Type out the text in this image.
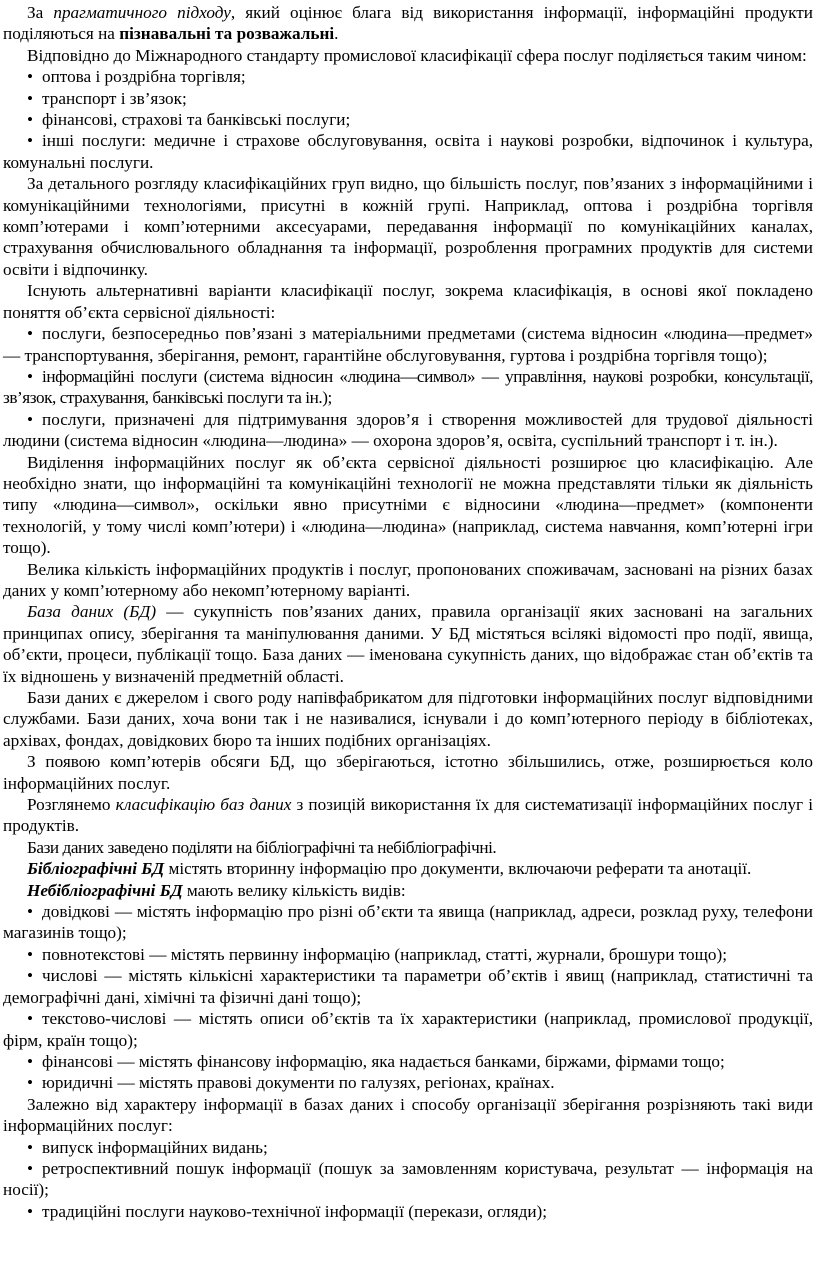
За прагматичного підходу, який оцінює блага від використання інформації, інформаційні продукти поділяються на пізнавальні та розважальні.

Відповідно до Міжнародного стандарту промислової класифікації сфера послуг поділяється таким чином:

• оптова і роздрібна торгівля;

• транспорт і зв’язок;

• фінансові, страхові та банківські послуги;

• інші послуги: медичне і страхове обслуговування, освіта і наукові розробки, відпочинок і культура, комунальні послуги.

За детального розгляду класифікаційних груп видно, що більшість послуг, пов’язаних з інформаційними і комунікаційними технологіями, присутні в кожній групі. Наприклад, оптова і роздрібна торгівля комп’ютерами і комп’ютерними аксесуарами, передавання інформації по комунікаційних каналах, страхування обчислювального обладнання та інформації, розроблення програмних продуктів для системи освіти і відпочинку.

Існують альтернативні варіанти класифікації послуг, зокрема класифікація, в основі якої покладено поняття об’єкта сервісної діяльності:

• послуги, безпосередньо пов’язані з матеріальними предметами (система відносин «людина—предмет» — транспортування, зберігання, ремонт, гарантійне обслуговування, гуртова і роздрібна торгівля тощо);

• інформаційні послуги (система відносин «людина—символ» — управління, наукові розробки, консультації, зв’язок, страхування, банківські послуги та ін.);

• послуги, призначені для підтримування здоров’я і створення можливостей для трудової діяльності людини (система відносин «людина—людина» — охорона здоров’я, освіта, суспільний транспорт і т. ін.).

Виділення інформаційних послуг як об’єкта сервісної діяльності розширює цю класифікацію. Але необхідно знати, що інформаційні та комунікаційні технології не можна представляти тільки як діяльність типу «людина—символ», оскільки явно присутніми є відносини «людина—предмет» (компоненти технологій, у тому числі комп’ютери) і «людина—людина» (наприклад, система навчання, комп’ютерні ігри тощо).

Велика кількість інформаційних продуктів і послуг, пропонованих споживачам, засновані на різних базах даних у комп’ютерному або некомп’ютерному варіанті.

База даних (БД) — сукупність пов’язаних даних, правила організації яких засновані на загальних принципах опису, зберігання та маніпулювання даними. У БД містяться всілякі відомості про події, явища, об’єкти, процеси, публікації тощо. База даних — іменована сукупність даних, що відображає стан об’єктів та їх відношень у визначеній предметній області.

Бази даних є джерелом і свого роду напівфабрикатом для підготовки інформаційних послуг відповідними службами. Бази даних, хоча вони так і не називалися, існували і до комп’ютерного періоду в бібліотеках, архівах, фондах, довідкових бюро та інших подібних організаціях.

З появою комп’ютерів обсяги БД, що зберігаються, істотно збільшились, отже, розширюється коло інформаційних послуг.

Розглянемо класифікацію баз даних з позицій використання їх для систематизації інформаційних послуг і продуктів.

Бази даних заведено поділяти на бібліографічні та небібліографічні.

Бібліографічні БД містять вторинну інформацію про документи, включаючи реферати та анотації.

Небібліографічні БД мають велику кількість видів:

• довідкові — містять інформацію про різні об’єкти та явища (наприклад, адреси, розклад руху, телефони магазинів тощо);

• повнотекстові — містять первинну інформацію (наприклад, статті, журнали, брошури тощо);

• числові — містять кількісні характеристики та параметри об’єктів і явищ (наприклад, статистичні та демографічні дані, хімічні та фізичні дані тощо);

• текстово-числові — містять описи об’єктів та їх характеристики (наприклад, промислової продукції, фірм, країн тощо);

• фінансові — містять фінансову інформацію, яка надається банками, біржами, фірмами тощо;

• юридичні — містять правові документи по галузях, регіонах, країнах.

Залежно від характеру інформації в базах даних і способу організації зберігання розрізняють такі види інформаційних послуг:

• випуск інформаційних видань;

• ретроспективний пошук інформації (пошук за замовленням користувача, результат — інформація на носії);

• традиційні послуги науково-технічної інформації (перекази, огляди);
